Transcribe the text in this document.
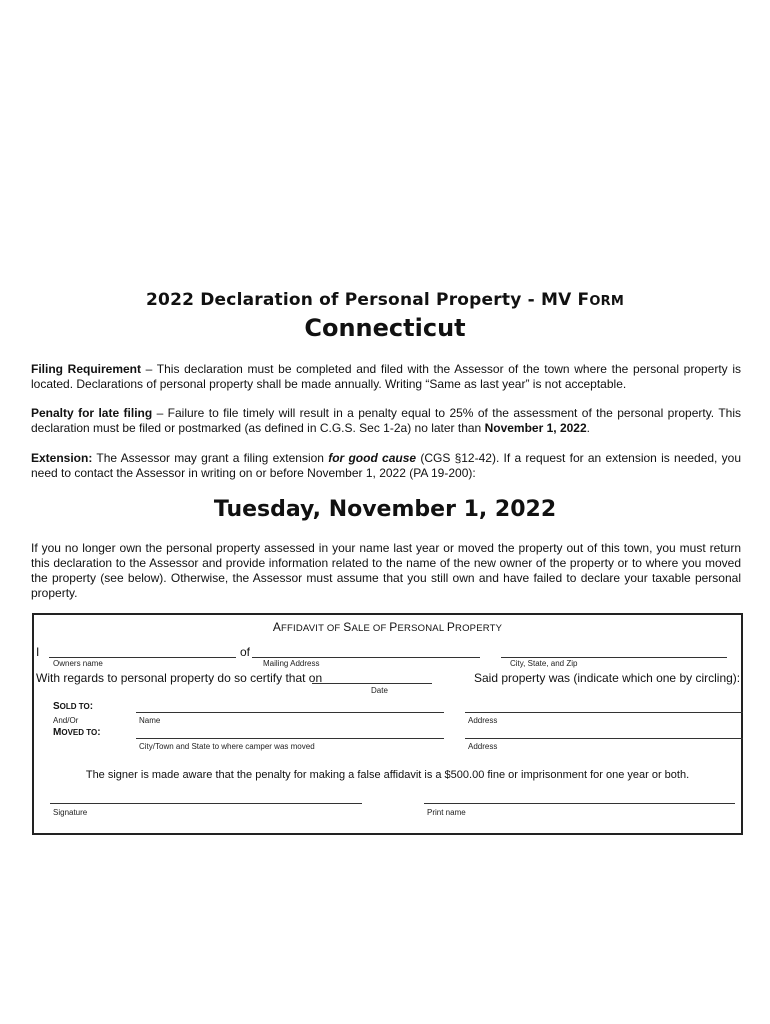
2022 Declaration of Personal Property - MV FORM
Connecticut
Filing Requirement – This declaration must be completed and filed with the Assessor of the town where the personal property is located. Declarations of personal property shall be made annually. Writing “Same as last year” is not acceptable.
Penalty for late filing – Failure to file timely will result in a penalty equal to 25% of the assessment of the personal property. This declaration must be filed or postmarked (as defined in C.G.S. Sec 1-2a) no later than November 1, 2022.
Extension: The Assessor may grant a filing extension for good cause (CGS §12-42). If a request for an extension is needed, you need to contact the Assessor in writing on or before November 1, 2022 (PA 19-200):
Tuesday, November 1, 2022
If you no longer own the personal property assessed in your name last year or moved the property out of this town, you must return this declaration to the Assessor and provide information related to the name of the new owner of the property or to where you moved the property (see below). Otherwise, the Assessor must assume that you still own and have failed to declare your taxable personal property.
AFFIDAVIT OF SALE OF PERSONAL PROPERTY
I	of
Owners name	Mailing Address	City, State, and Zip
With regards to personal property do so certify that on
Date
Said property was (indicate which one by circling):
SOLD TO:
And/Or	Name	Address
MOVED TO:
City/Town and State to where camper was moved	Address
The signer is made aware that the penalty for making a false affidavit is a $500.00 fine or imprisonment for one year or both.
Signature	Print name
